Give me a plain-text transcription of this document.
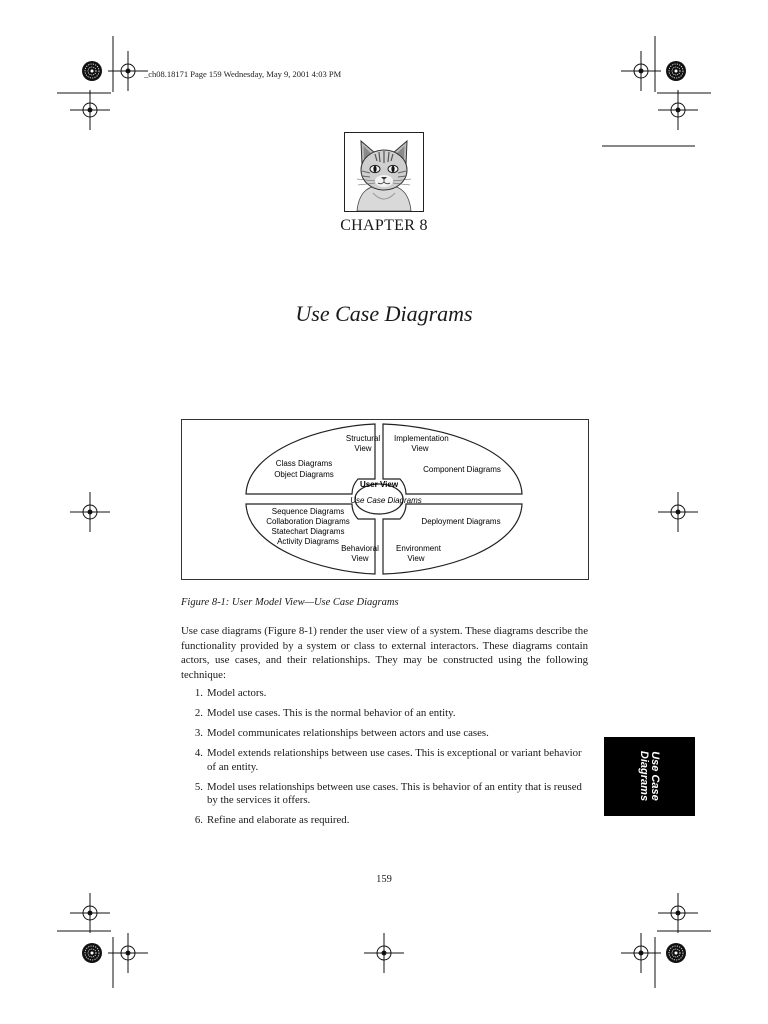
_ch08.18171 Page 159 Wednesday, May 9, 2001 4:03 PM
CHAPTER 8
Use Case Diagrams
Structural
View
Implementation
View
Class Diagrams
Object Diagrams
Component Diagrams
User View
Use Case Diagrams
Sequence Diagrams
Collaboration Diagrams
Statechart Diagrams
Activity Diagrams
Deployment Diagrams
Behavioral
View
Environment
View
Figure 8-1: User Model View—Use Case Diagrams

Use case diagrams (Figure 8-1) render the user view of a system. These diagrams describe the functionality provided by a system or class to external interactors. These diagrams contain actors, use cases, and their relationships. They may be constructed using the following technique:

1. Model actors.
2. Model use cases. This is the normal behavior of an entity.
3. Model communicates relationships between actors and use cases.
4. Model extends relationships between use cases. This is exceptional or variant behavior of an entity.
5. Model uses relationships between use cases. This is behavior of an entity that is reused by the services it offers.
6. Refine and elaborate as required.
Use Case
Diagrams
159
